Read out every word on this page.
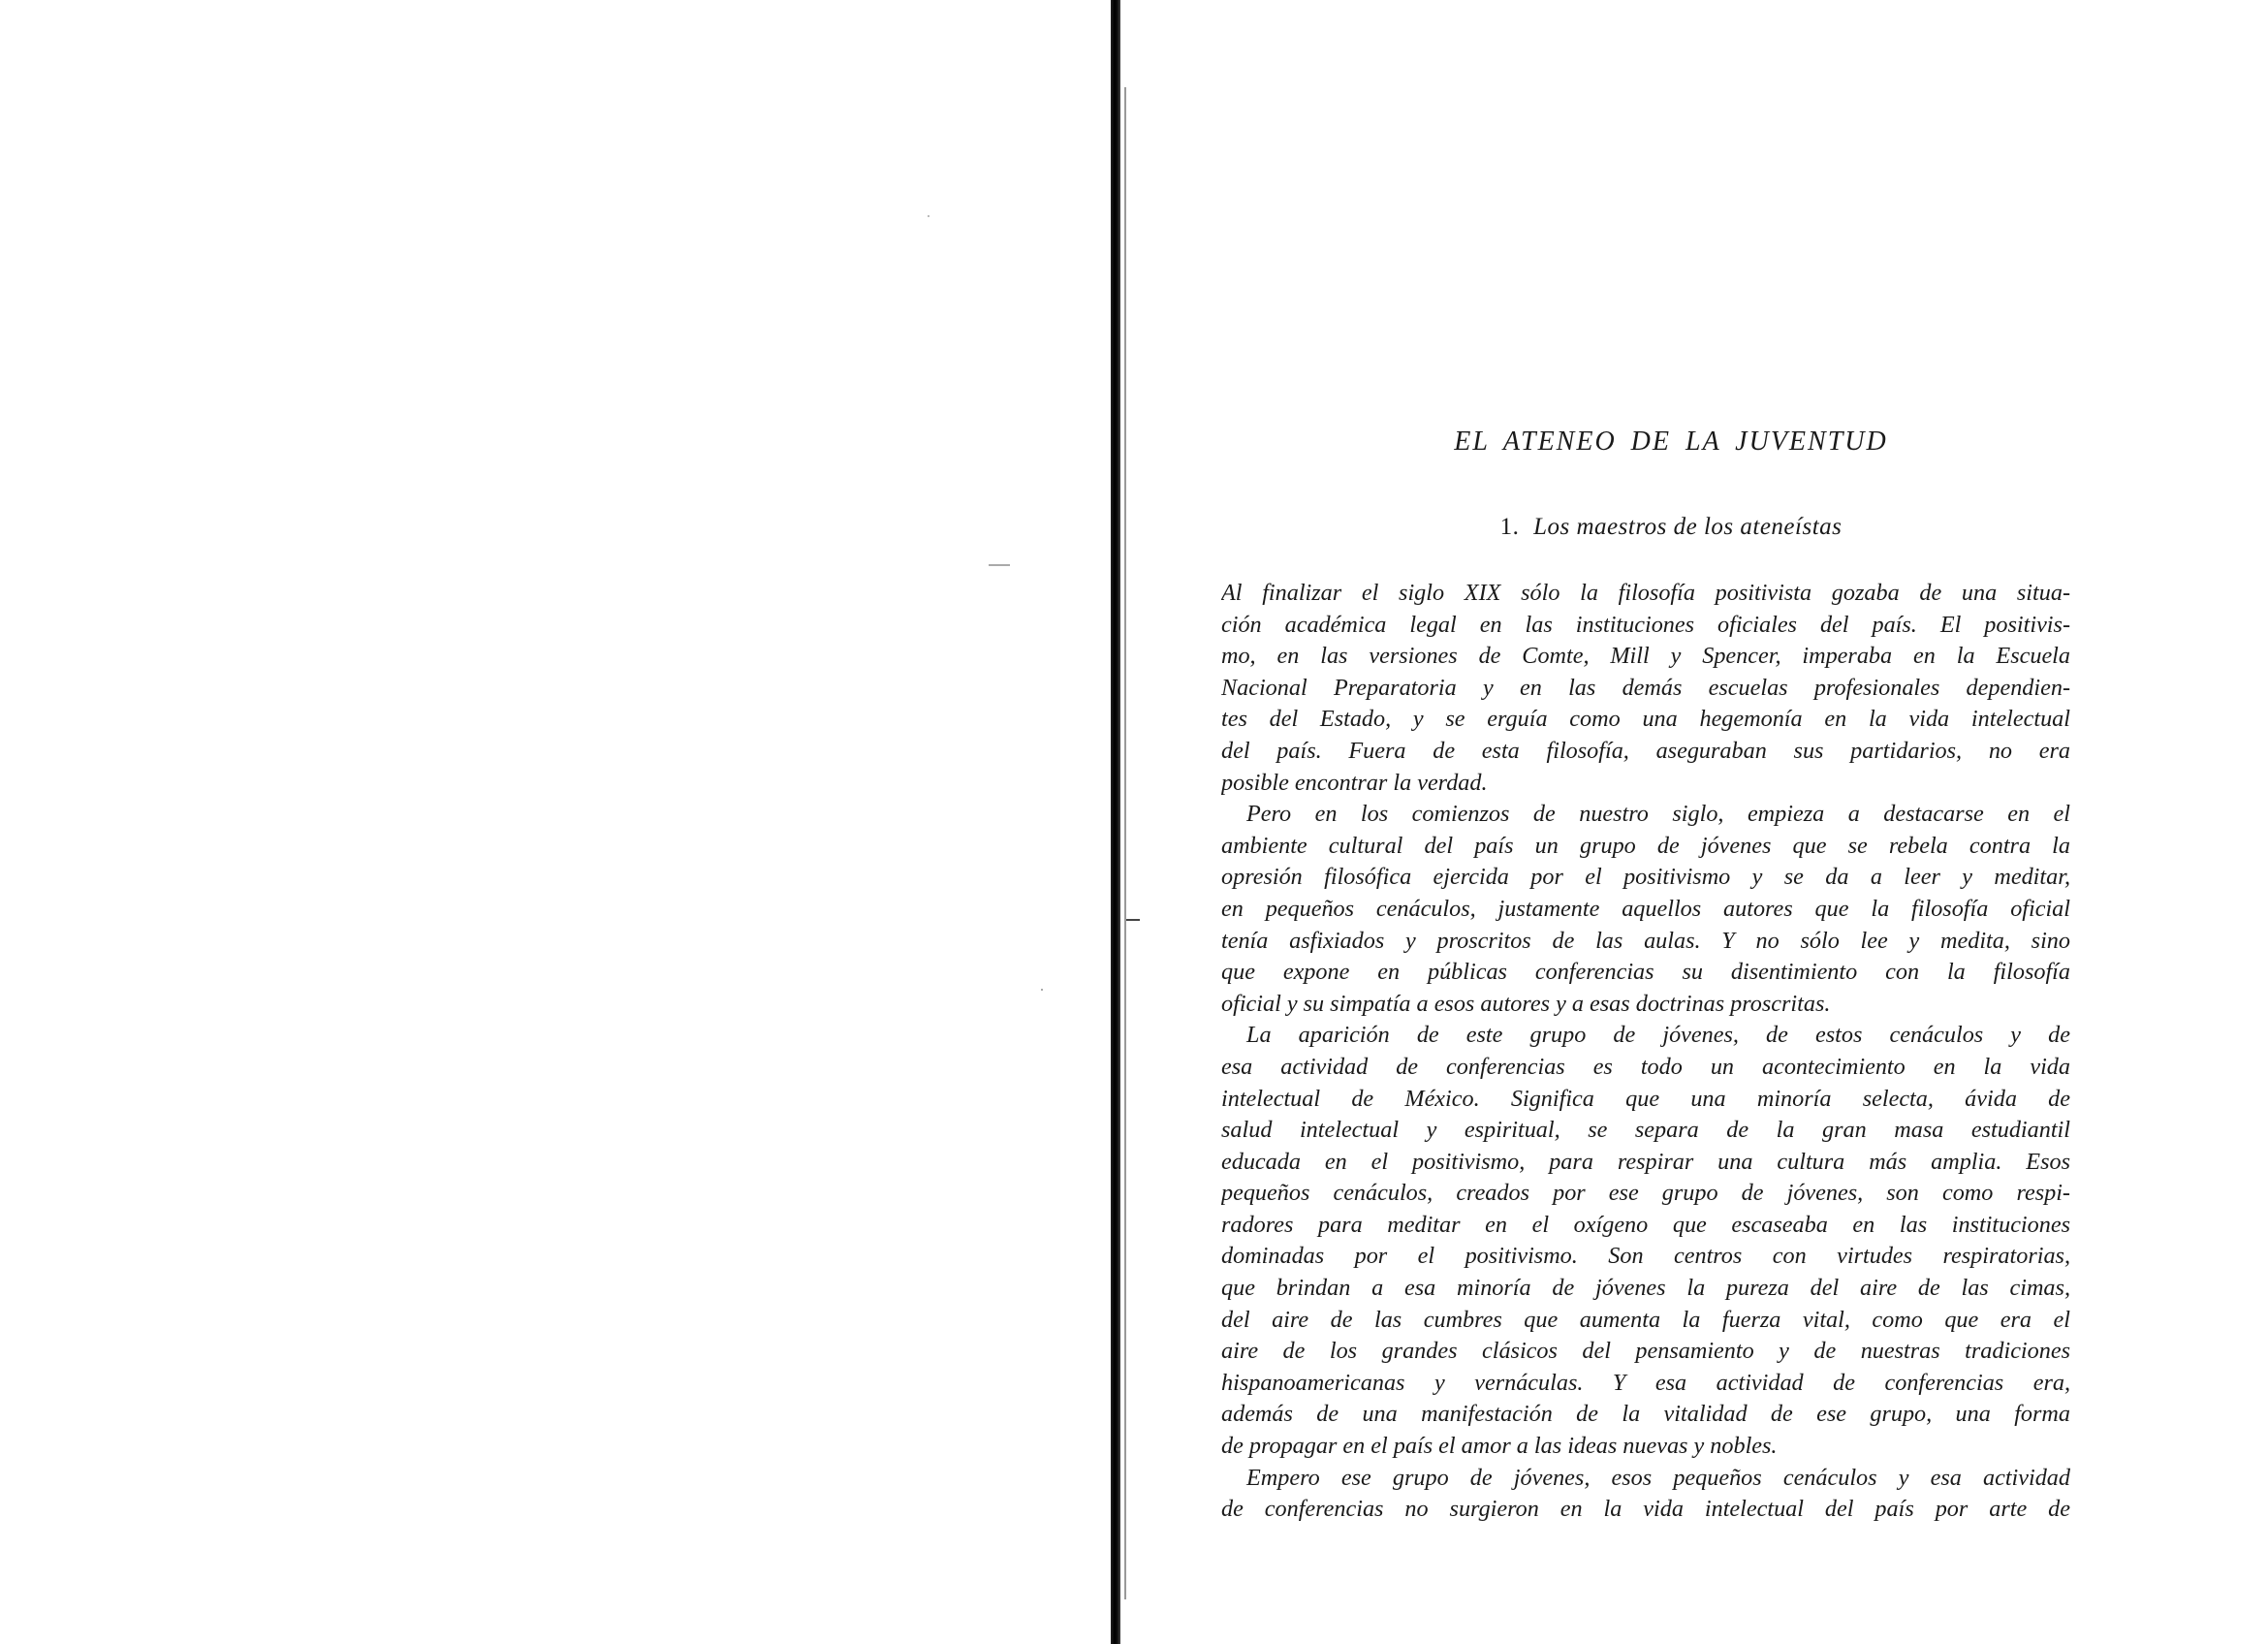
EL ATENEO DE LA JUVENTUD
1. Los maestros de los ateneístas
Al finalizar el siglo XIX sólo la filosofía positivista gozaba de una situa-
ción académica legal en las instituciones oficiales del país. El positivis-
mo, en las versiones de Comte, Mill y Spencer, imperaba en la Escuela
Nacional Preparatoria y en las demás escuelas profesionales dependien-
tes del Estado, y se erguía como una hegemonía en la vida intelectual
del país. Fuera de esta filosofía, aseguraban sus partidarios, no era
posible encontrar la verdad.
Pero en los comienzos de nuestro siglo, empieza a destacarse en el
ambiente cultural del país un grupo de jóvenes que se rebela contra la
opresión filosófica ejercida por el positivismo y se da a leer y meditar,
en pequeños cenáculos, justamente aquellos autores que la filosofía oficial
tenía asfixiados y proscritos de las aulas. Y no sólo lee y medita, sino
que expone en públicas conferencias su disentimiento con la filosofía
oficial y su simpatía a esos autores y a esas doctrinas proscritas.
La aparición de este grupo de jóvenes, de estos cenáculos y de
esa actividad de conferencias es todo un acontecimiento en la vida
intelectual de México. Significa que una minoría selecta, ávida de
salud intelectual y espiritual, se separa de la gran masa estudiantil
educada en el positivismo, para respirar una cultura más amplia. Esos
pequeños cenáculos, creados por ese grupo de jóvenes, son como respi-
radores para meditar en el oxígeno que escaseaba en las instituciones
dominadas por el positivismo. Son centros con virtudes respiratorias,
que brindan a esa minoría de jóvenes la pureza del aire de las cimas,
del aire de las cumbres que aumenta la fuerza vital, como que era el
aire de los grandes clásicos del pensamiento y de nuestras tradiciones
hispanoamericanas y vernáculas. Y esa actividad de conferencias era,
además de una manifestación de la vitalidad de ese grupo, una forma
de propagar en el país el amor a las ideas nuevas y nobles.
Empero ese grupo de jóvenes, esos pequeños cenáculos y esa actividad
de conferencias no surgieron en la vida intelectual del país por arte de
